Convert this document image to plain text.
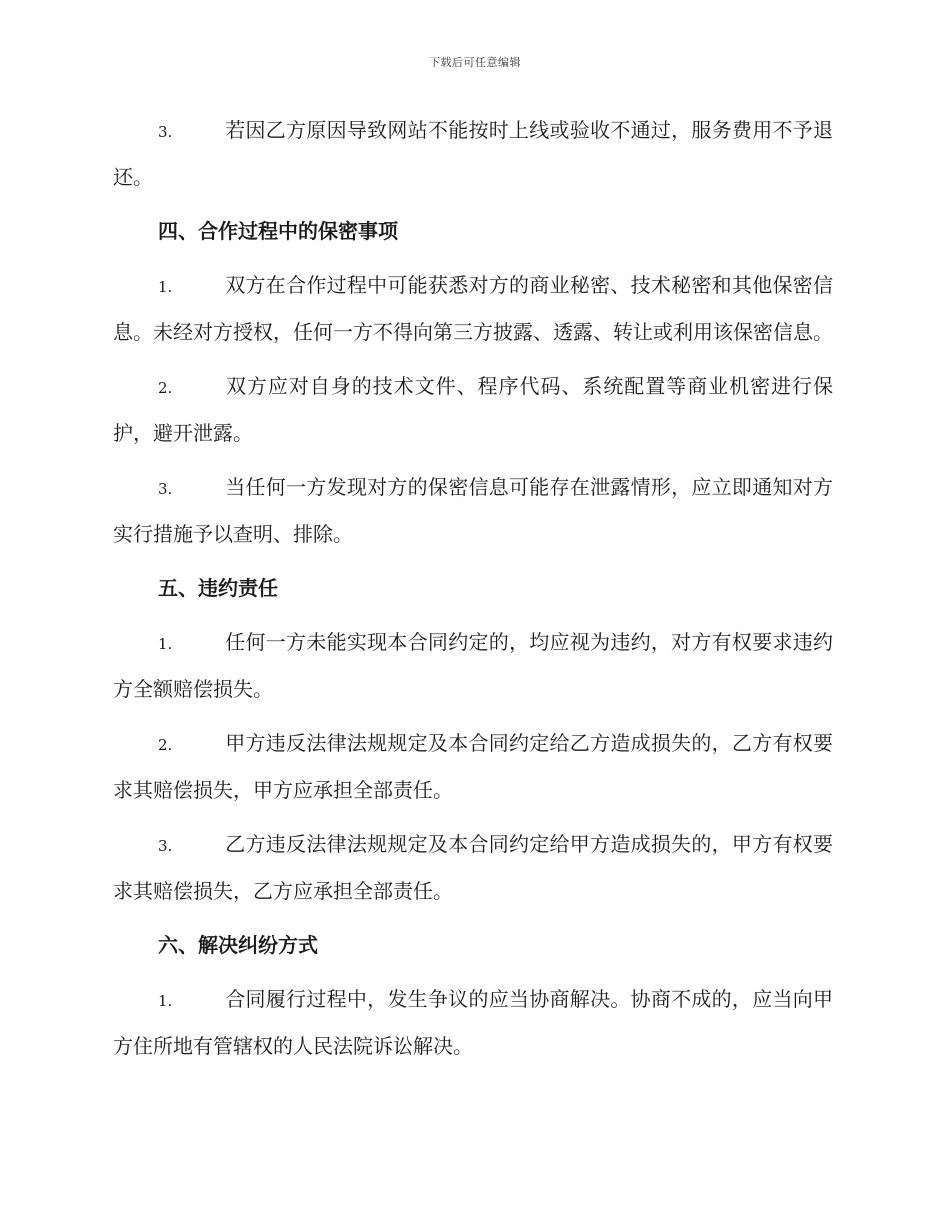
下载后可任意编辑

3.	若因乙方原因导致网站不能按时上线或验收不通过，服务费用不予退还。

四、合作过程中的保密事项

1.	双方在合作过程中可能获悉对方的商业秘密、技术秘密和其他保密信息。未经对方授权，任何一方不得向第三方披露、透露、转让或利用该保密信息。

2.	双方应对自身的技术文件、程序代码、系统配置等商业机密进行保护，避开泄露。

3.	当任何一方发现对方的保密信息可能存在泄露情形，应立即通知对方实行措施予以查明、排除。

五、违约责任

1.	任何一方未能实现本合同约定的，均应视为违约，对方有权要求违约方全额赔偿损失。

2.	甲方违反法律法规规定及本合同约定给乙方造成损失的，乙方有权要求其赔偿损失，甲方应承担全部责任。

3.	乙方违反法律法规规定及本合同约定给甲方造成损失的，甲方有权要求其赔偿损失，乙方应承担全部责任。

六、解决纠纷方式

1.	合同履行过程中，发生争议的应当协商解决。协商不成的，应当向甲方住所地有管辖权的人民法院诉讼解决。
